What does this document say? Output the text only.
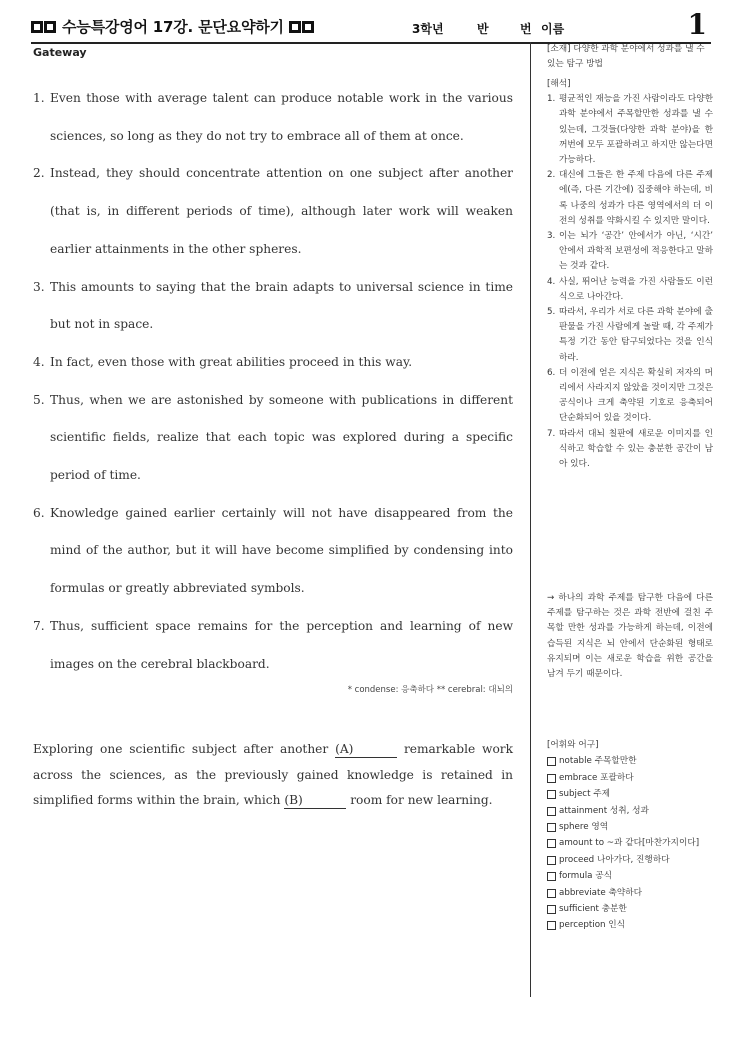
수능특강영어 17강. 문단요약하기	3학년	반	번 이름	1
Gateway
1. Even those with average talent can produce notable work in the various sciences, so long as they do not try to embrace all of them at once.
2. Instead, they should concentrate attention on one subject after another (that is, in different periods of time), although later work will weaken earlier attainments in the other spheres.
3. This amounts to saying that the brain adapts to universal science in time but not in space.
4. In fact, even those with great abilities proceed in this way.
5. Thus, when we are astonished by someone with publications in different scientific fields, realize that each topic was explored during a specific period of time.
6. Knowledge gained earlier certainly will not have disappeared from the mind of the author, but it will have become simplified by condensing into formulas or greatly abbreviated symbols.
7. Thus, sufficient space remains for the perception and learning of new images on the cerebral blackboard.
* condense: 응축하다 ** cerebral: 대뇌의
Exploring one scientific subject after another (A)	remarkable work across the sciences, as the previously gained knowledge is retained in simplified forms within the brain, which (B)	room for new learning.
[소재] 다양한 과학 분야에서 성과를 낼 수 있는 탐구 방법
[해석]
1. 평균적인 재능을 가진 사람이라도 다양한 과학 분야에서 주목할만한 성과를 낼 수 있는데, 그것들(다양한 과학 분야)을 한꺼번에 모두 포괄하려고 하지만 않는다면 가능하다.
2. 대신에 그들은 한 주제 다음에 다른 주제에(즉, 다른 기간에) 집중해야 하는데, 비록 나중의 성과가 다른 영역에서의 더 이전의 성취를 약화시킬 수 있지만 말이다.
3. 이는 뇌가 ‘공간’ 안에서가 아닌, ‘시간’ 안에서 과학적 보편성에 적응한다고 말하는 것과 같다.
4. 사실, 뛰어난 능력을 가진 사람들도 이런 식으로 나아간다.
5. 따라서, 우리가 서로 다른 과학 분야에 출판물을 가진 사람에게 놀랄 때, 각 주제가 특정 기간 동안 탐구되었다는 것을 인식하라.
6. 더 이전에 얻은 지식은 확실히 저자의 머리에서 사라지지 않았을 것이지만 그것은 공식이나 크게 축약된 기호로 응축되어 단순화되어 있을 것이다.
7. 따라서 대뇌 칠판에 새로운 이미지를 인식하고 학습할 수 있는 충분한 공간이 남아 있다.
→ 하나의 과학 주제를 탐구한 다음에 다른 주제를 탐구하는 것은 과학 전반에 걸친 주목할 만한 성과를 가능하게 하는데, 이전에 습득된 지식은 뇌 안에서 단순화된 형태로 유지되며 이는 새로운 학습을 위한 공간을 남겨 두기 때문이다.
[어휘와 어구]
notable 주목할만한
embrace 포괄하다
subject 주제
attainment 성취, 성과
sphere 영역
amount to ~과 같다[마찬가지이다]
proceed 나아가다, 진행하다
formula 공식
abbreviate 축약하다
sufficient 충분한
perception 인식
